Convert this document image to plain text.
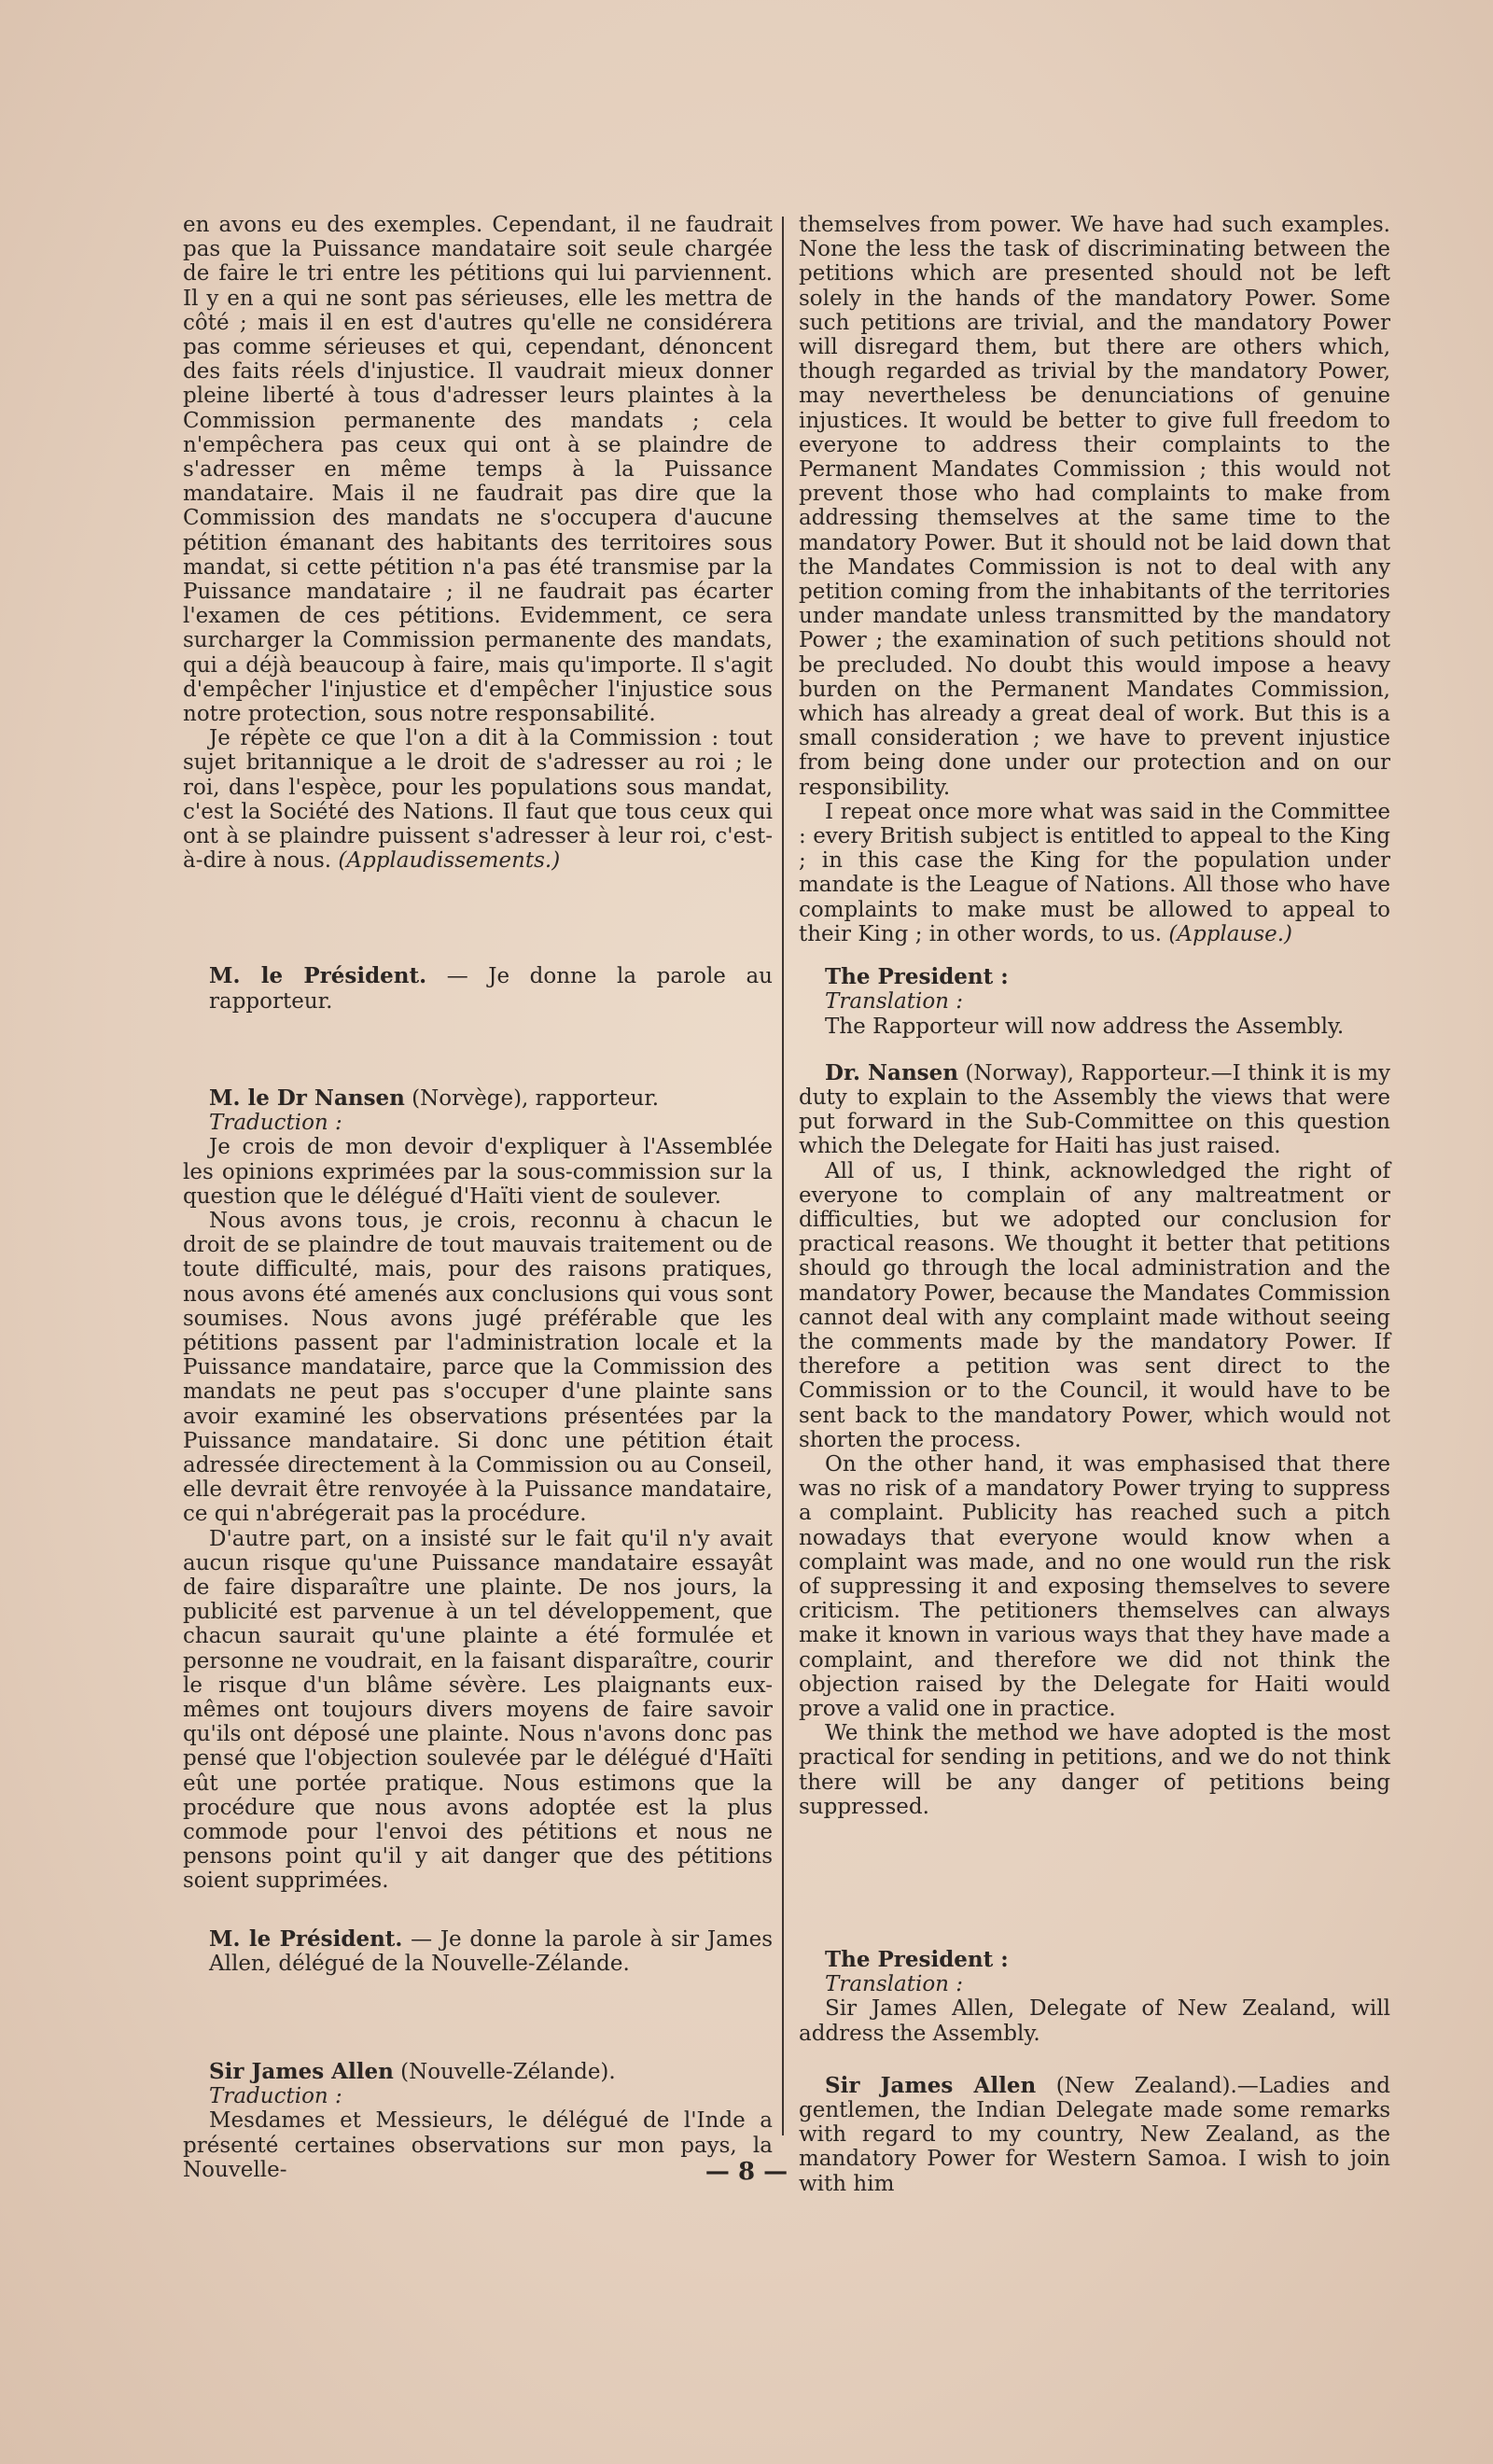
en avons eu des exemples. Cependant, il ne faudrait pas que la Puissance mandataire soit seule chargée de faire le tri entre les pétitions qui lui parviennent. Il y en a qui ne sont pas sérieuses, elle les mettra de côté ; mais il en est d'autres qu'elle ne considérera pas comme sérieuses et qui, cependant, dénoncent des faits réels d'injustice. Il vaudrait mieux donner pleine liberté à tous d'adresser leurs plaintes à la Commission permanente des mandats ; cela n'empêchera pas ceux qui ont à se plaindre de s'adresser en même temps à la Puissance mandataire. Mais il ne faudrait pas dire que la Commission des mandats ne s'occupera d'aucune pétition émanant des habitants des territoires sous mandat, si cette pétition n'a pas été transmise par la Puissance mandataire ; il ne faudrait pas écarter l'examen de ces pétitions. Evidemment, ce sera surcharger la Commission permanente des mandats, qui a déjà beaucoup à faire, mais qu'importe. Il s'agit d'empêcher l'injustice et d'empêcher l'injustice sous notre protection, sous notre responsabilité.

Je répète ce que l'on a dit à la Commission : tout sujet britannique a le droit de s'adresser au roi ; le roi, dans l'espèce, pour les populations sous mandat, c'est la Société des Nations. Il faut que tous ceux qui ont à se plaindre puissent s'adresser à leur roi, c'est-à-dire à nous. (Applaudissements.)

M. le Président. — Je donne la parole au rapporteur.

M. le Dr Nansen (Norvège), rapporteur.

Traduction :

Je crois de mon devoir d'expliquer à l'Assemblée les opinions exprimées par la sous-commission sur la question que le délégué d'Haïti vient de soulever.

Nous avons tous, je crois, reconnu à chacun le droit de se plaindre de tout mauvais traitement ou de toute difficulté, mais, pour des raisons pratiques, nous avons été amenés aux conclusions qui vous sont soumises. Nous avons jugé préférable que les pétitions passent par l'administration locale et la Puissance mandataire, parce que la Commission des mandats ne peut pas s'occuper d'une plainte sans avoir examiné les observations présentées par la Puissance mandataire. Si donc une pétition était adressée directement à la Commission ou au Conseil, elle devrait être renvoyée à la Puissance mandataire, ce qui n'abrégerait pas la procédure.

D'autre part, on a insisté sur le fait qu'il n'y avait aucun risque qu'une Puissance mandataire essayât de faire disparaître une plainte. De nos jours, la publicité est parvenue à un tel développement, que chacun saurait qu'une plainte a été formulée et personne ne voudrait, en la faisant disparaître, courir le risque d'un blâme sévère. Les plaignants eux-mêmes ont toujours divers moyens de faire savoir qu'ils ont déposé une plainte. Nous n'avons donc pas pensé que l'objection soulevée par le délégué d'Haïti eût une portée pratique. Nous estimons que la procédure que nous avons adoptée est la plus commode pour l'envoi des pétitions et nous ne pensons point qu'il y ait danger que des pétitions soient supprimées.

M. le Président. — Je donne la parole à sir James Allen, délégué de la Nouvelle-Zélande.

Sir James Allen (Nouvelle-Zélande).

Traduction :

Mesdames et Messieurs, le délégué de l'Inde a présenté certaines observations sur mon pays, la Nouvelle-

themselves from power. We have had such examples. None the less the task of discriminating between the petitions which are presented should not be left solely in the hands of the mandatory Power. Some such petitions are trivial, and the mandatory Power will disregard them, but there are others which, though regarded as trivial by the mandatory Power, may nevertheless be denunciations of genuine injustices. It would be better to give full freedom to everyone to address their complaints to the Permanent Mandates Commission ; this would not prevent those who had complaints to make from addressing themselves at the same time to the mandatory Power. But it should not be laid down that the Mandates Commission is not to deal with any petition coming from the inhabitants of the territories under mandate unless transmitted by the mandatory Power ; the examination of such petitions should not be precluded. No doubt this would impose a heavy burden on the Permanent Mandates Commission, which has already a great deal of work. But this is a small consideration ; we have to prevent injustice from being done under our protection and on our responsibility.

I repeat once more what was said in the Committee : every British subject is entitled to appeal to the King ; in this case the King for the population under mandate is the League of Nations. All those who have complaints to make must be allowed to appeal to their King ; in other words, to us. (Applause.)

The President :

Translation :

The Rapporteur will now address the Assembly.

Dr. Nansen (Norway), Rapporteur.—I think it is my duty to explain to the Assembly the views that were put forward in the Sub-Committee on this question which the Delegate for Haiti has just raised.

All of us, I think, acknowledged the right of everyone to complain of any maltreatment or difficulties, but we adopted our conclusion for practical reasons. We thought it better that petitions should go through the local administration and the mandatory Power, because the Mandates Commission cannot deal with any complaint made without seeing the comments made by the mandatory Power. If therefore a petition was sent direct to the Commission or to the Council, it would have to be sent back to the mandatory Power, which would not shorten the process.

On the other hand, it was emphasised that there was no risk of a mandatory Power trying to suppress a complaint. Publicity has reached such a pitch nowadays that everyone would know when a complaint was made, and no one would run the risk of suppressing it and exposing themselves to severe criticism. The petitioners themselves can always make it known in various ways that they have made a complaint, and therefore we did not think the objection raised by the Delegate for Haiti would prove a valid one in practice.

We think the method we have adopted is the most practical for sending in petitions, and we do not think there will be any danger of petitions being suppressed.

The President :

Translation :

Sir James Allen, Delegate of New Zealand, will address the Assembly.

Sir James Allen (New Zealand).—Ladies and gentlemen, the Indian Delegate made some remarks with regard to my country, New Zealand, as the mandatory Power for Western Samoa. I wish to join with him

— 8 —
